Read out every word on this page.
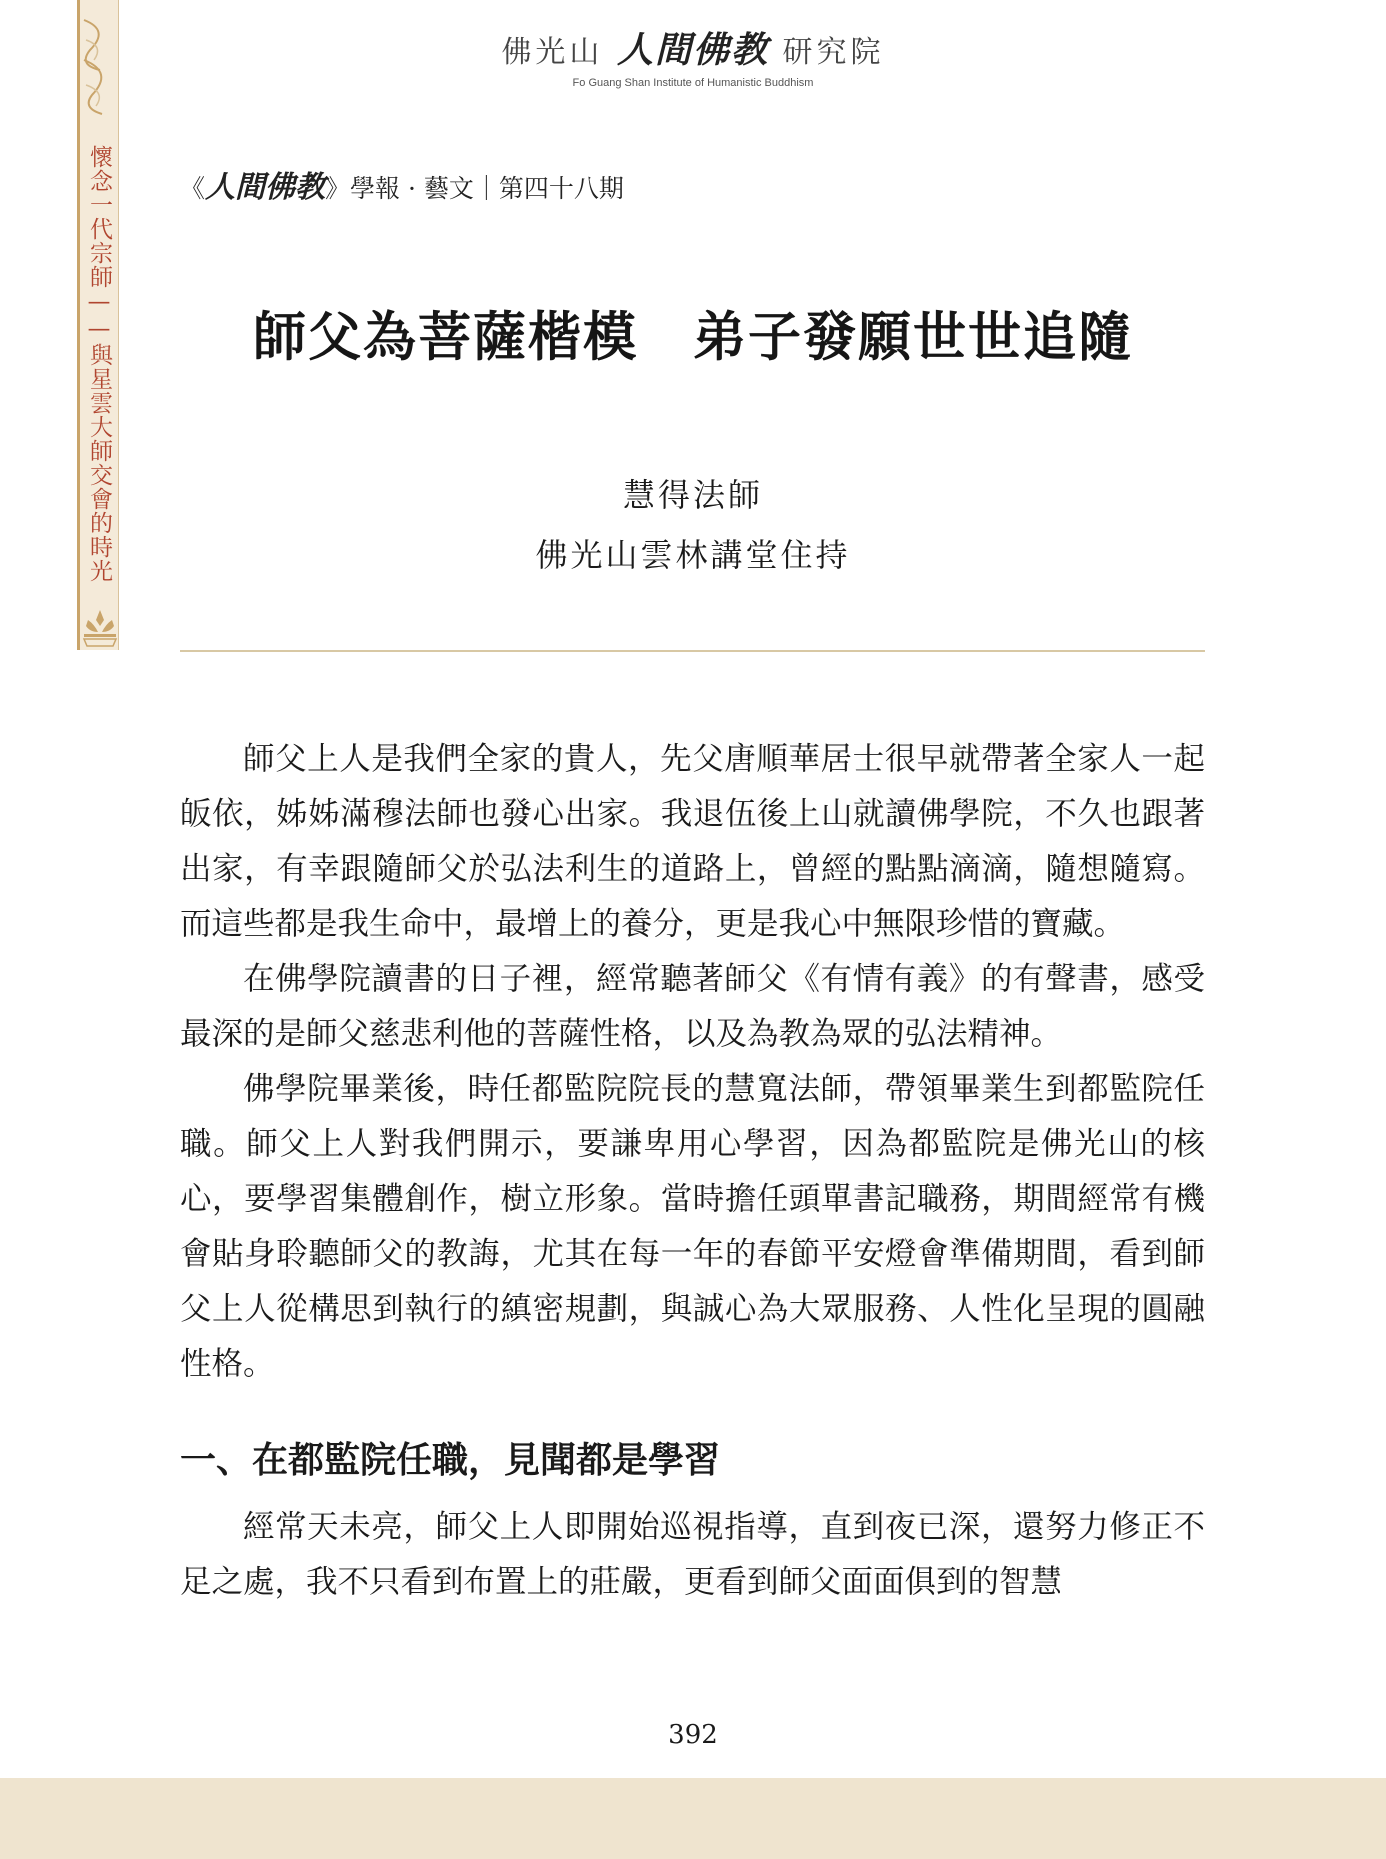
懷念一代宗師——與星雲大師交會的時光
佛光山 人間佛教 研究院
Fo Guang Shan Institute of Humanistic Buddhism
《人間佛教》學報 · 藝文｜第四十八期
師父為菩薩楷模 弟子發願世世追隨
慧得法師
佛光山雲林講堂住持

師父上人是我們全家的貴人，先父唐順華居士很早就帶著全家人一起皈依，姊姊滿穆法師也發心出家。我退伍後上山就讀佛學院，不久也跟著出家，有幸跟隨師父於弘法利生的道路上，曾經的點點滴滴，隨想隨寫。而這些都是我生命中，最增上的養分，更是我心中無限珍惜的寶藏。

在佛學院讀書的日子裡，經常聽著師父《有情有義》的有聲書，感受最深的是師父慈悲利他的菩薩性格，以及為教為眾的弘法精神。

佛學院畢業後，時任都監院院長的慧寬法師，帶領畢業生到都監院任職。師父上人對我們開示，要謙卑用心學習，因為都監院是佛光山的核心，要學習集體創作，樹立形象。當時擔任頭單書記職務，期間經常有機會貼身聆聽師父的教誨，尤其在每一年的春節平安燈會準備期間，看到師父上人從構思到執行的縝密規劃，與誠心為大眾服務、人性化呈現的圓融性格。

一、在都監院任職，見聞都是學習

經常天未亮，師父上人即開始巡視指導，直到夜已深，還努力修正不足之處，我不只看到布置上的莊嚴，更看到師父面面俱到的智慧

392
